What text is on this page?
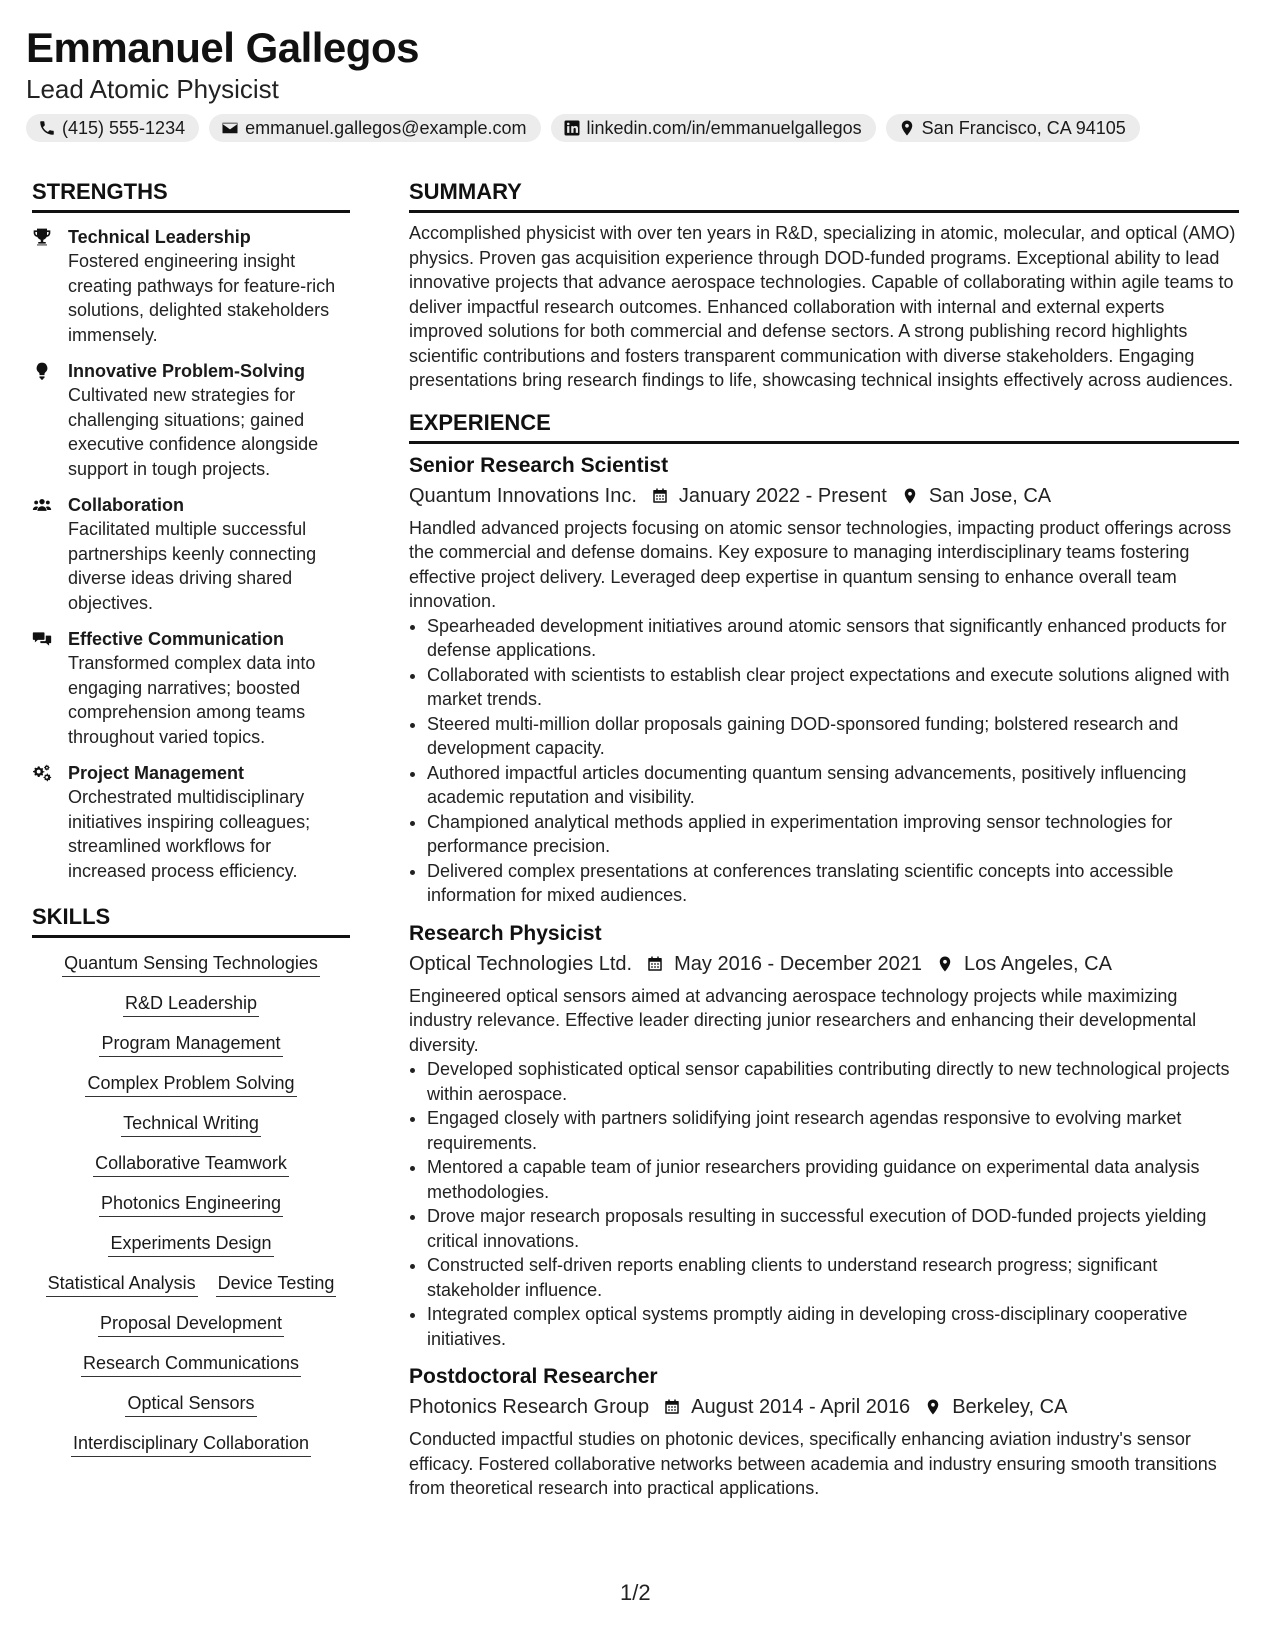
Emmanuel Gallegos
Lead Atomic Physicist
(415) 555-1234	emmanuel.gallegos@example.com	linkedin.com/in/emmanuelgallegos	San Francisco, CA 94105
STRENGTHS
Technical Leadership
Fostered engineering insight creating pathways for feature-rich solutions, delighted stakeholders immensely.
Innovative Problem-Solving
Cultivated new strategies for challenging situations; gained executive confidence alongside support in tough projects.
Collaboration
Facilitated multiple successful partnerships keenly connecting diverse ideas driving shared objectives.
Effective Communication
Transformed complex data into engaging narratives; boosted comprehension among teams throughout varied topics.
Project Management
Orchestrated multidisciplinary initiatives inspiring colleagues; streamlined workflows for increased process efficiency.
SKILLS
Quantum Sensing Technologies
R&D Leadership
Program Management
Complex Problem Solving
Technical Writing
Collaborative Teamwork
Photonics Engineering
Experiments Design
Statistical Analysis Device Testing
Proposal Development
Research Communications
Optical Sensors
Interdisciplinary Collaboration
SUMMARY

Accomplished physicist with over ten years in R&D, specializing in atomic, molecular, and optical (AMO) physics. Proven gas acquisition experience through DOD-funded programs. Exceptional ability to lead innovative projects that advance aerospace technologies. Capable of collaborating within agile teams to deliver impactful research outcomes. Enhanced collaboration with internal and external experts improved solutions for both commercial and defense sectors. A strong publishing record highlights scientific contributions and fosters transparent communication with diverse stakeholders. Engaging presentations bring research findings to life, showcasing technical insights effectively across audiences.

EXPERIENCE
Senior Research Scientist
Quantum Innovations Inc. January 2022 - Present San Jose, CA

Handled advanced projects focusing on atomic sensor technologies, impacting product offerings across the commercial and defense domains. Key exposure to managing interdisciplinary teams fostering effective project delivery. Leveraged deep expertise in quantum sensing to enhance overall team innovation.

• Spearheaded development initiatives around atomic sensors that significantly enhanced products for defense applications.
• Collaborated with scientists to establish clear project expectations and execute solutions aligned with market trends.
• Steered multi-million dollar proposals gaining DOD-sponsored funding; bolstered research and development capacity.
• Authored impactful articles documenting quantum sensing advancements, positively influencing academic reputation and visibility.
• Championed analytical methods applied in experimentation improving sensor technologies for performance precision.
• Delivered complex presentations at conferences translating scientific concepts into accessible information for mixed audiences.
Research Physicist
Optical Technologies Ltd. May 2016 - December 2021 Los Angeles, CA

Engineered optical sensors aimed at advancing aerospace technology projects while maximizing industry relevance. Effective leader directing junior researchers and enhancing their developmental diversity.

• Developed sophisticated optical sensor capabilities contributing directly to new technological projects within aerospace.
• Engaged closely with partners solidifying joint research agendas responsive to evolving market requirements.
• Mentored a capable team of junior researchers providing guidance on experimental data analysis methodologies.
• Drove major research proposals resulting in successful execution of DOD-funded projects yielding critical innovations.
• Constructed self-driven reports enabling clients to understand research progress; significant stakeholder influence.
• Integrated complex optical systems promptly aiding in developing cross-disciplinary cooperative initiatives.
Postdoctoral Researcher
Photonics Research Group August 2014 - April 2016 Berkeley, CA

Conducted impactful studies on photonic devices, specifically enhancing aviation industry's sensor efficacy. Fostered collaborative networks between academia and industry ensuring smooth transitions from theoretical research into practical applications.

1/2
